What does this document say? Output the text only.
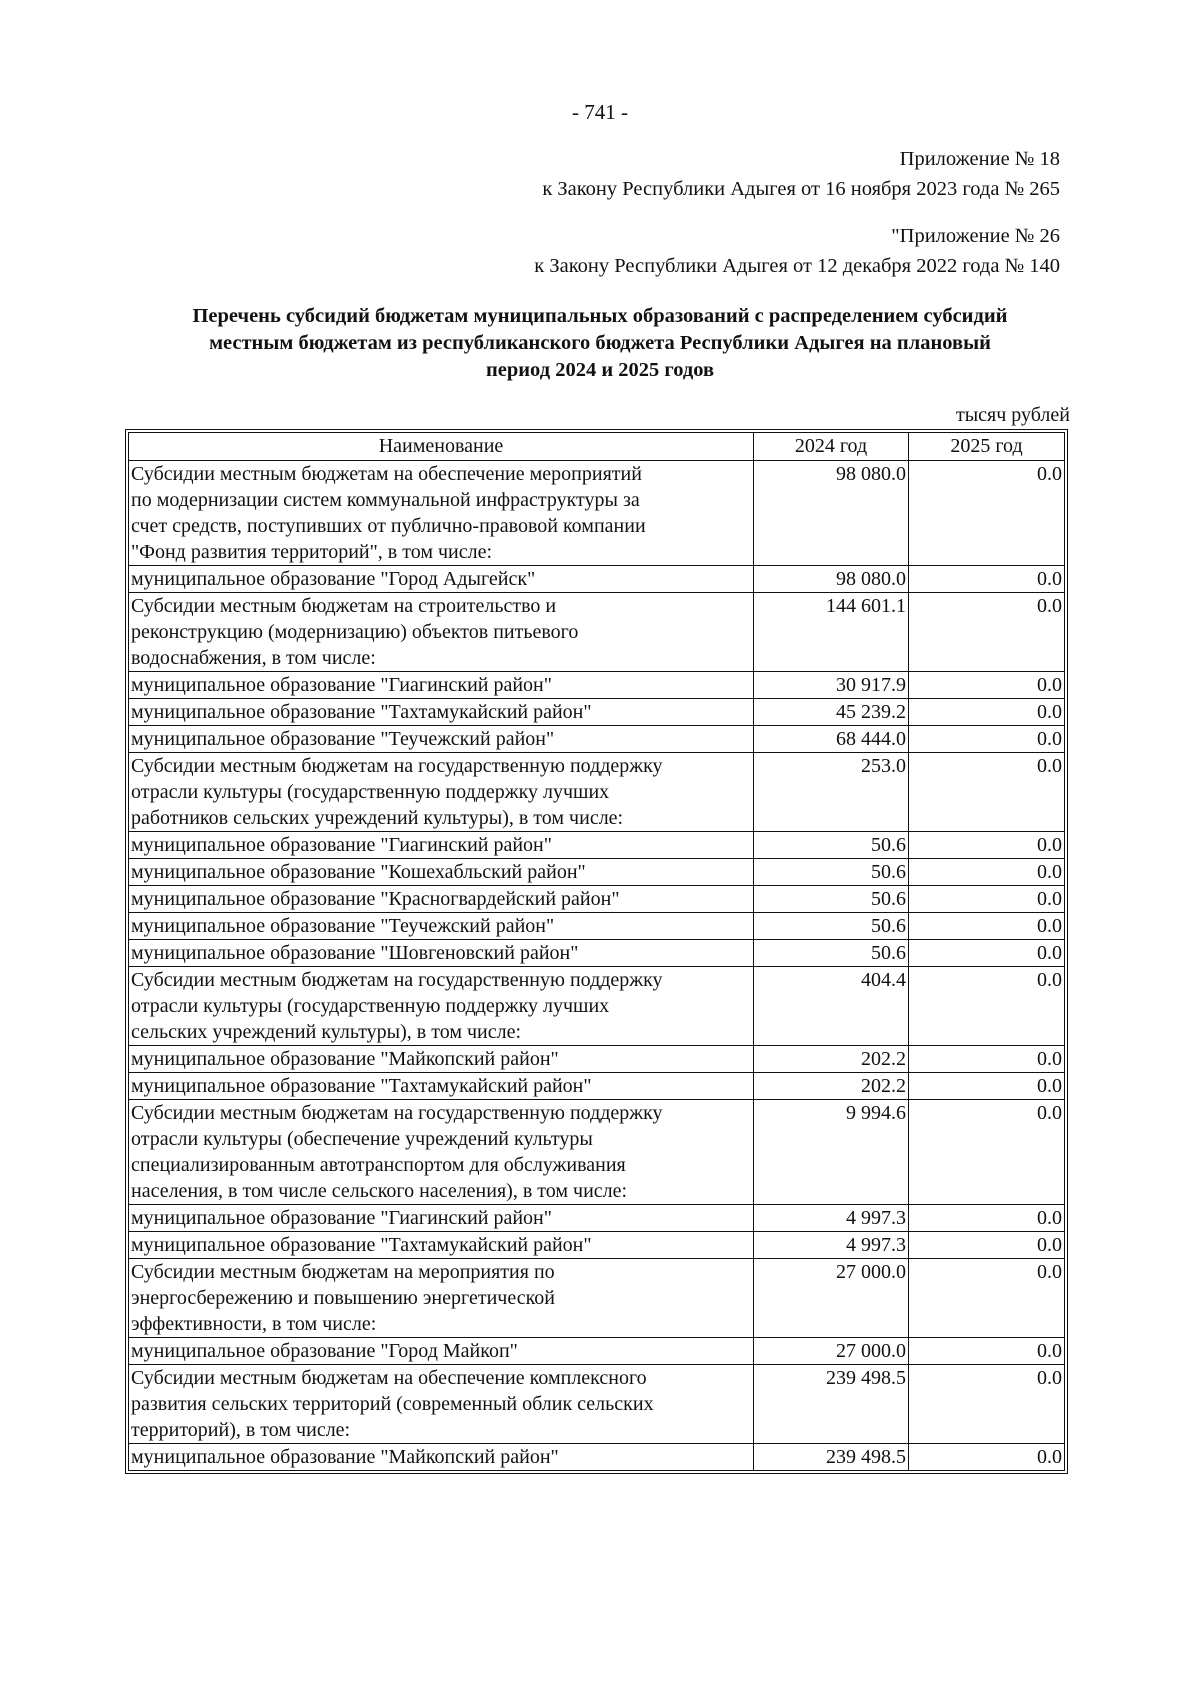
- 741 -
Приложение № 18
к Закону Республики Адыгея от 16 ноября 2023 года № 265
"Приложение № 26
к Закону Республики Адыгея от 12 декабря 2022 года № 140
Перечень субсидий бюджетам муниципальных образований с распределением субсидий
местным бюджетам из республиканского бюджета Республики Адыгея на плановый
период 2024 и 2025 годов
тысяч рублей
Наименование	2024 год	2025 год

Субсидии местным бюджетам на обеспечение мероприятий
по модернизации систем коммунальной инфраструктуры за
счет средств, поступивших от публично-правовой компании
"Фонд развития территорий", в том числе:	98 080.0	0.0

муниципальное образование "Город Адыгейск"	98 080.0	0.0

Субсидии местным бюджетам на строительство и
реконструкцию (модернизацию) объектов питьевого
водоснабжения, в том числе:	144 601.1	0.0

муниципальное образование "Гиагинский район"	30 917.9	0.0

муниципальное образование "Тахтамукайский район"	45 239.2	0.0

муниципальное образование "Теучежский район"	68 444.0	0.0

Субсидии местным бюджетам на государственную поддержку
отрасли культуры (государственную поддержку лучших
работников сельских учреждений культуры), в том числе:	253.0	0.0

муниципальное образование "Гиагинский район"	50.6	0.0

муниципальное образование "Кошехабльский район"	50.6	0.0

муниципальное образование "Красногвардейский район"	50.6	0.0

муниципальное образование "Теучежский район"	50.6	0.0

муниципальное образование "Шовгеновский район"	50.6	0.0

Субсидии местным бюджетам на государственную поддержку
отрасли культуры (государственную поддержку лучших
сельских учреждений культуры), в том числе:	404.4	0.0

муниципальное образование "Майкопский район"	202.2	0.0

муниципальное образование "Тахтамукайский район"	202.2	0.0

Субсидии местным бюджетам на государственную поддержку
отрасли культуры (обеспечение учреждений культуры
специализированным автотранспортом для обслуживания
населения, в том числе сельского населения), в том числе:	9 994.6	0.0

муниципальное образование "Гиагинский район"	4 997.3	0.0

муниципальное образование "Тахтамукайский район"	4 997.3	0.0

Субсидии местным бюджетам на мероприятия по
энергосбережению и повышению энергетической
эффективности, в том числе:	27 000.0	0.0

муниципальное образование "Город Майкоп"	27 000.0	0.0

Субсидии местным бюджетам на обеспечение комплексного
развития сельских территорий (современный облик сельских
территорий), в том числе:	239 498.5	0.0

муниципальное образование "Майкопский район"	239 498.5	0.0
